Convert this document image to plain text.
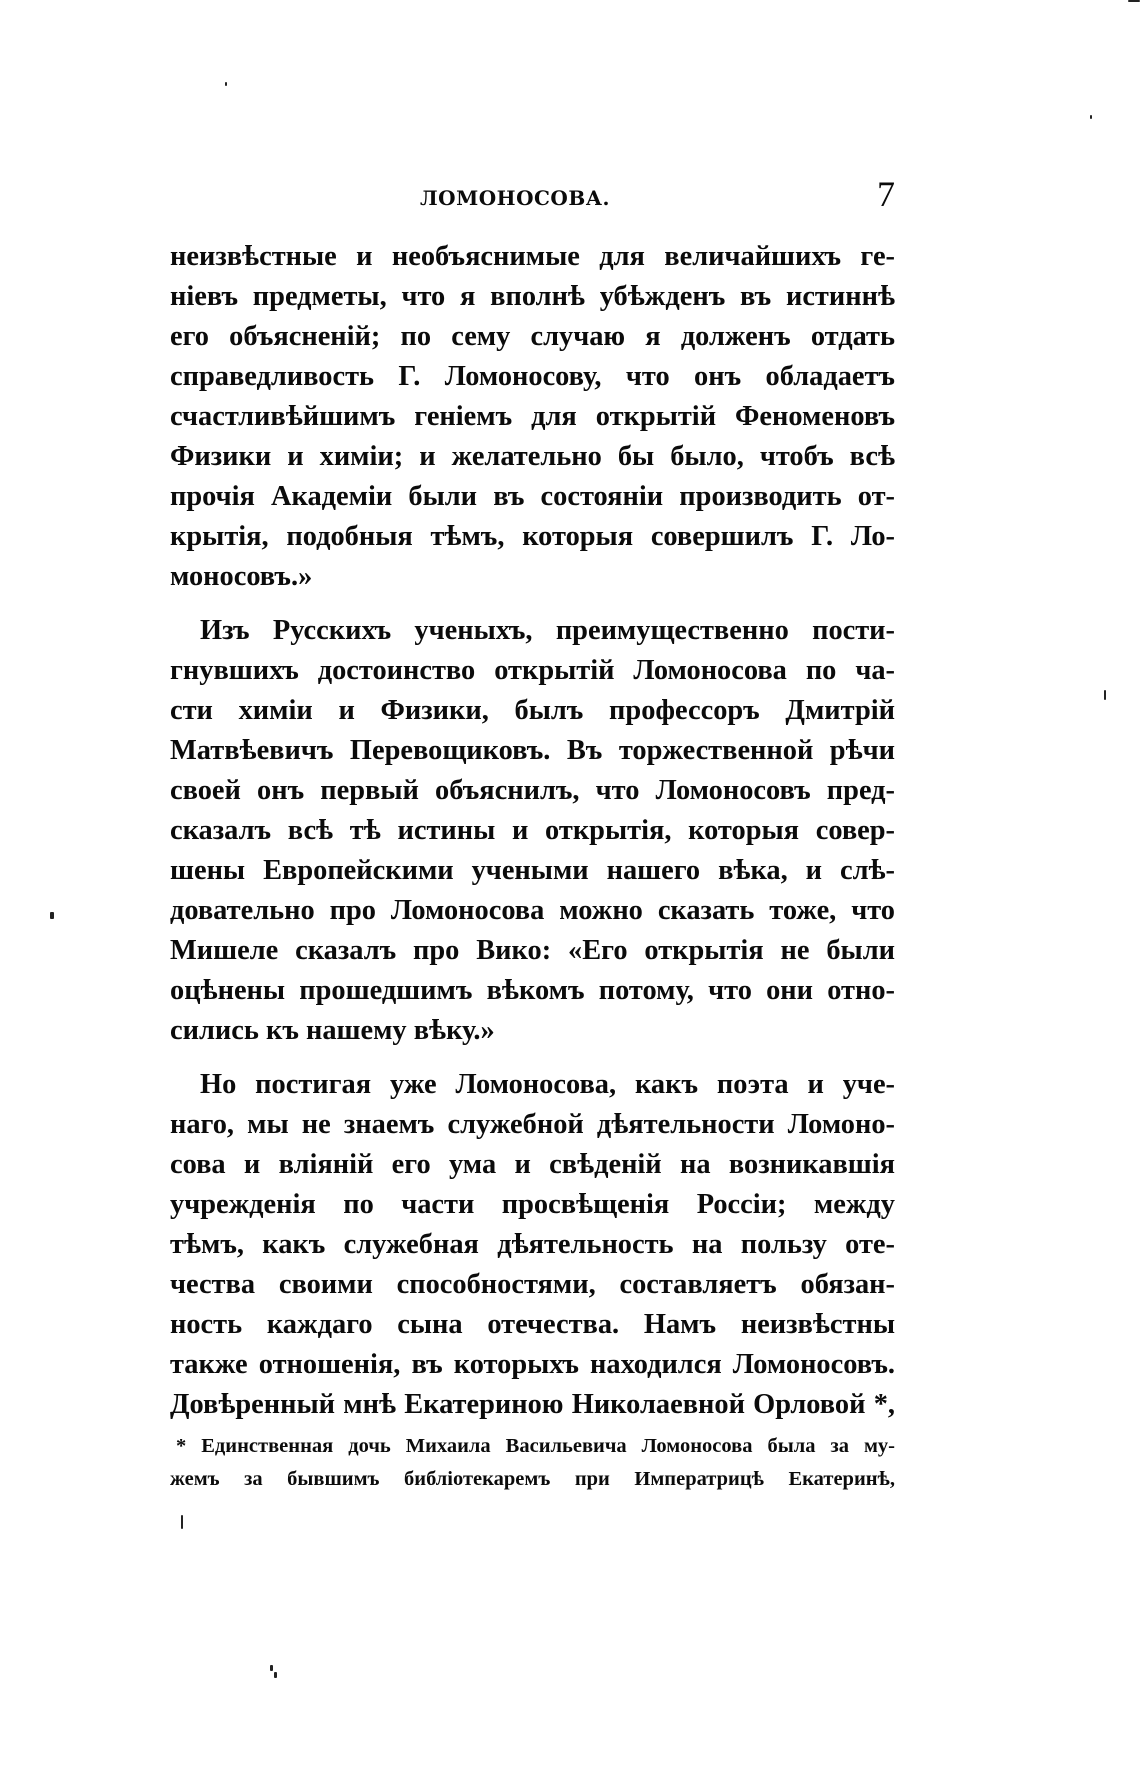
ЛОМОНОСОВА.	7
неизвѣстные и необъяснимые для величайшихъ ге-
ніевъ предметы, что я вполнѣ убѣжденъ въ истиннѣ
его объясненій; по сему случаю я долженъ отдать
справедливость Г. Ломоносову, что онъ обладаетъ
счастливѣйшимъ геніемъ для открытій Феноменовъ
Физики и химіи; и желательно бы было, чтобъ всѣ
прочія Академіи были въ состояніи производить от-
крытія, подобныя тѣмъ, которыя совершилъ Г. Ло-
моносовъ.»
Изъ Русскихъ ученыхъ, преимущественно пости-
гнувшихъ достоинство открытій Ломоносова по ча-
сти химіи и Физики, былъ профессоръ Дмитрій
Матвѣевичъ Перевощиковъ. Въ торжественной рѣчи
своей онъ первый объяснилъ, что Ломоносовъ пред-
сказалъ всѣ тѣ истины и открытія, которыя совер-
шены Европейскими учеными нашего вѣка, и слѣ-
довательно про Ломоносова можно сказать тоже, что
Мишеле сказалъ про Вико: «Его открытія не были
оцѣнены прошедшимъ вѣкомъ потому, что они отно-
сились къ нашему вѣку.»
Но постигая уже Ломоносова, какъ поэта и уче-
наго, мы не знаемъ служебной дѣятельности Ломоно-
сова и вліяній его ума и свѣденій на возникавшія
учрежденія по части просвѣщенія Россіи; между
тѣмъ, какъ служебная дѣятельность на пользу оте-
чества своими способностями, составляетъ обязан-
ность каждаго сына отечества. Намъ неизвѣстны
также отношенія, въ которыхъ находился Ломоносовъ.
Довѣренный мнѣ Екатериною Николаевной Орловой *,
* Единственная дочь Михаила Васильевича Ломоносова была за му-
жемъ за бывшимъ библіотекаремъ при Императрицѣ Екатеринѣ,
